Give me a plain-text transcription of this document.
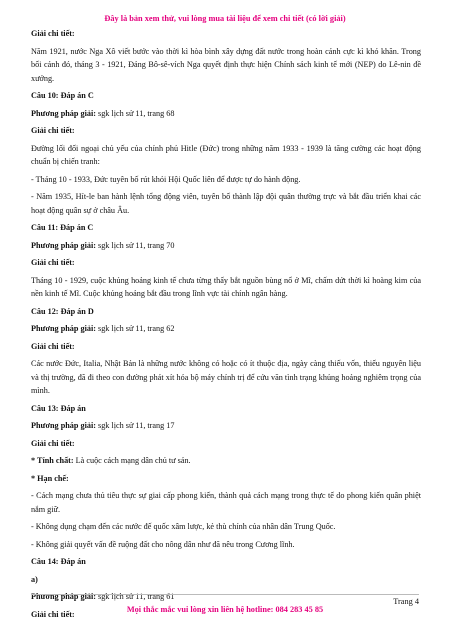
Đây là bản xem thử, vui lòng mua tài liệu để xem chi tiết (có lời giải)
Giải chi tiết:
Năm 1921, nước Nga Xô viết bước vào thời kì hòa bình xây dựng đất nước trong hoàn cảnh cực kì khó khăn. Trong bối cảnh đó, tháng 3 - 1921, Đảng Bô-sê-vích Nga quyết định thực hiện Chính sách kinh tế mới (NEP) do Lê-nin đề xướng.
Câu 10: Đáp án C
Phương pháp giải: sgk lịch sử 11, trang 68
Giải chi tiết:
Đường lối đối ngoại chủ yếu của chính phủ Hitle (Đức) trong những năm 1933 - 1939 là tăng cường các hoạt động chuẩn bị chiến tranh:
- Tháng 10 - 1933, Đức tuyên bố rút khỏi Hội Quốc liên để được tự do hành động.
- Năm 1935, Hít-le ban hành lệnh tổng động viên, tuyên bố thành lập đội quân thường trực và bắt đầu triển khai các hoạt động quân sự ở châu Âu.
Câu 11: Đáp án C
Phương pháp giải: sgk lịch sử 11, trang 70
Giải chi tiết:
Tháng 10 - 1929, cuộc khủng hoảng kinh tế chưa từng thấy bắt nguồn bùng nổ ở Mĩ, chấm dứt thời kì hoàng kim của nền kinh tế Mĩ. Cuộc khủng hoảng bắt đầu trong lĩnh vực tài chính ngân hàng.
Câu 12: Đáp án D
Phương pháp giải: sgk lịch sử 11, trang 62
Giải chi tiết:
Các nước Đức, Italia, Nhật Bản là những nước không có hoặc có ít thuộc địa, ngày càng thiếu vốn, thiếu nguyên liệu và thị trường, đã đi theo con đường phát xít hóa bộ máy chính trị để cứu vãn tình trạng khủng hoảng nghiêm trọng của mình.
Câu 13: Đáp án
Phương pháp giải: sgk lịch sử 11, trang 17
Giải chi tiết:
* Tính chất: Là cuộc cách mạng dân chủ tư sản.
* Hạn chế:
- Cách mạng chưa thủ tiêu thực sự giai cấp phong kiến, thành quả cách mạng trong thực tế do phong kiến quân phiệt nắm giữ.
- Không dụng chạm đến các nước đế quốc xâm lược, kẻ thù chính của nhân dân Trung Quốc.
- Không giải quyết vấn đề ruộng đất cho nông dân như đã nêu trong Cương lĩnh.
Câu 14: Đáp án
a)
Phương pháp giải: sgk lịch sử 11, trang 61
Giải chi tiết:
Trang 4
Mọi thắc mắc vui lòng xin liên hệ hotline: 084 283 45 85
